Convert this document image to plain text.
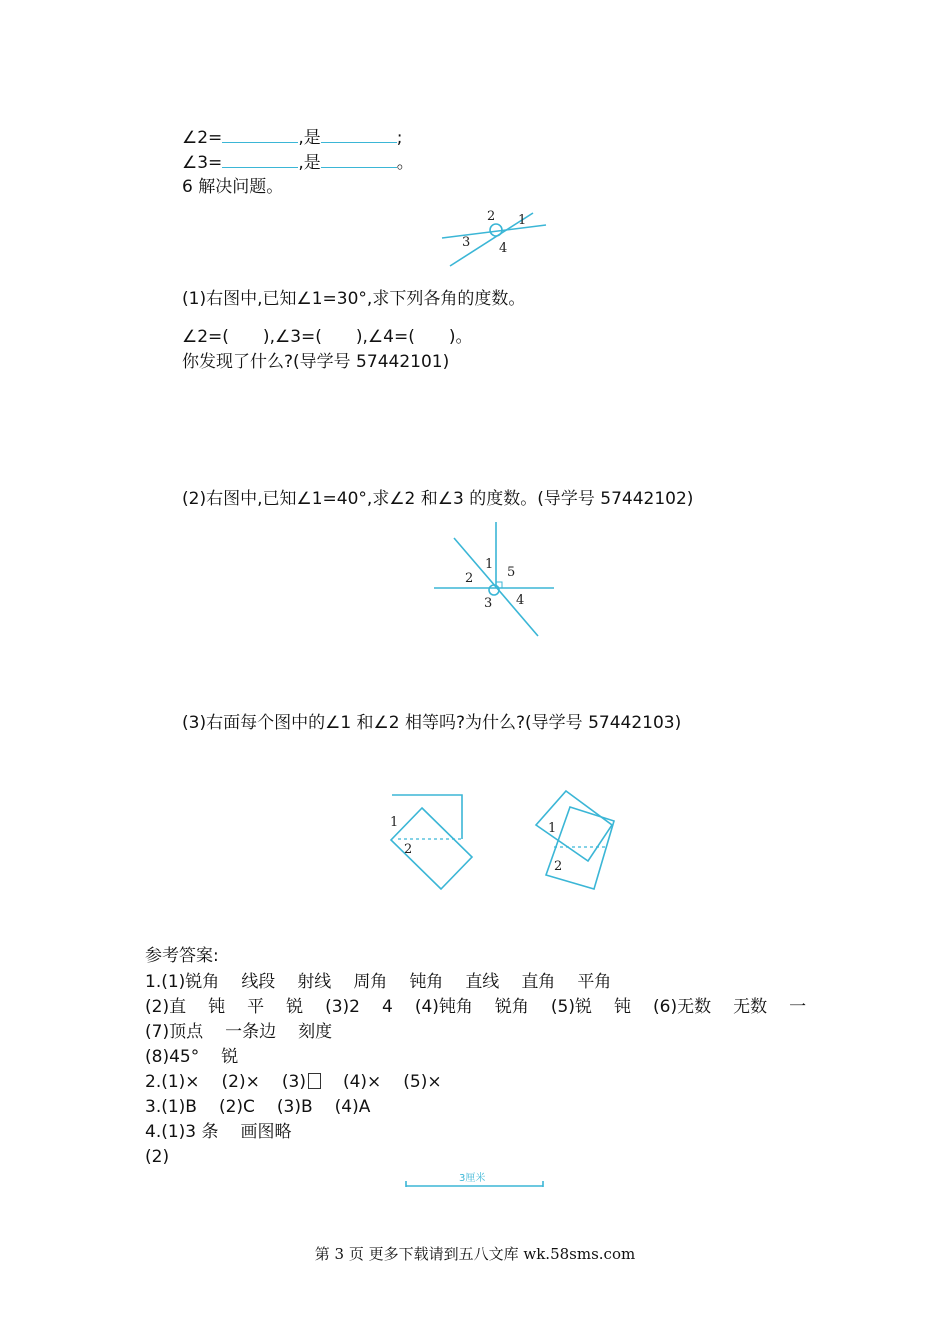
∠2=	,是	;
∠3=	,是	。
6 解决问题。
2 1
3 4
(1)右图中,已知∠1=30°,求下列各角的度数。
∠2=(　　),∠3=(　　),∠4=(　　)。
你发现了什么?(导学号 57442101)
(2)右图中,已知∠1=40°,求∠2 和∠3 的度数。(导学号 57442102)
1
5
2
3 4
(3)右面每个图中的∠1 和∠2 相等吗?为什么?(导学号 57442103)
1
2
1
2
参考答案:
1.(1)锐角 线段 射线 周角 钝角 直线 直角 平角
(2)直 钝 平 锐 (3)2 4 (4)钝角 锐角 (5)锐 钝 (6)无数 无数 一
(7)顶点 一条边 刻度
(8)45° 锐
2.(1)× (2)× (3) (4)× (5)×
3.(1)B (2)C (3)B (4)A
4.(1)3 条 画图略
(2)
3厘米
第 3 页 更多下载请到五八文库 wk.58sms.com
